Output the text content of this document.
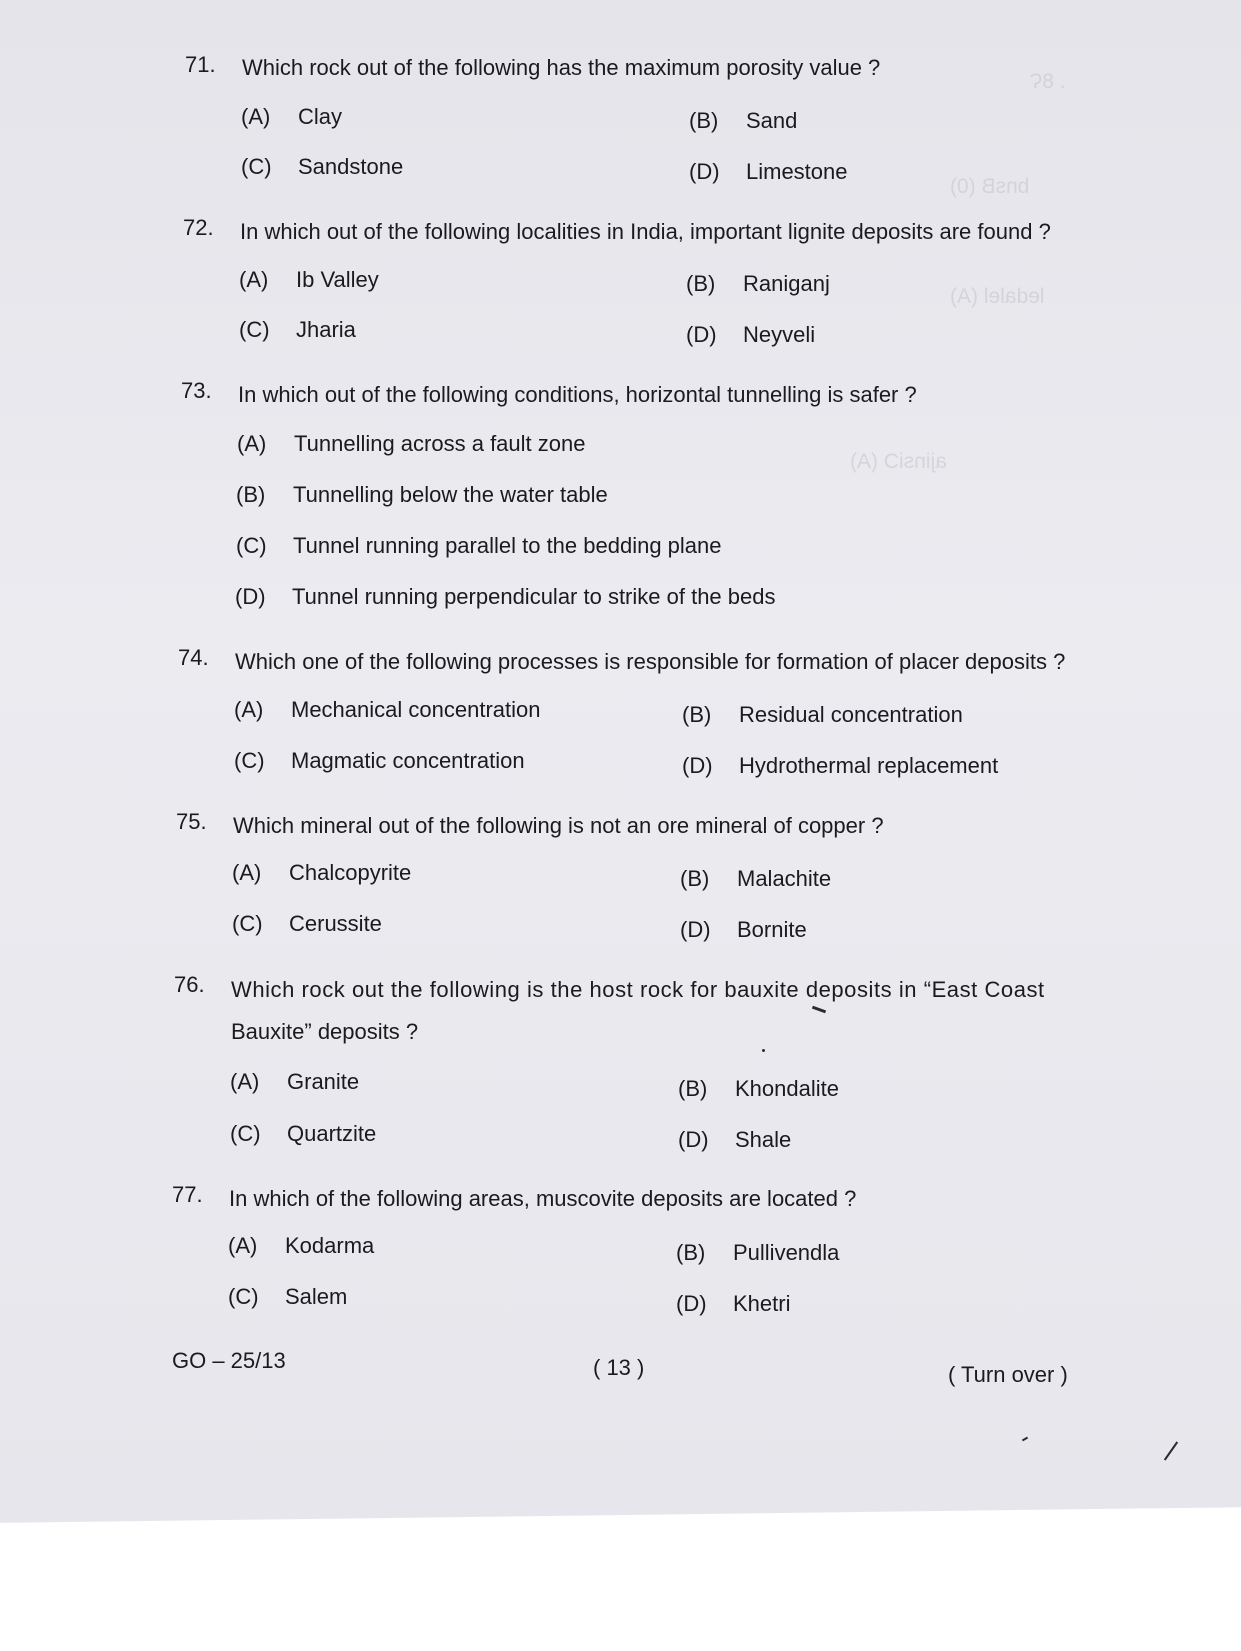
Ɂ8 .
bnsB (0)
ledalel (A)
ajinsiƆ (A)
71. Which rock out of the following has the maximum porosity value ?
(A) Clay	(B) Sand
(C) Sandstone	(D) Limestone
72. In which out of the following localities in India, important lignite deposits are found ?
(A) Ib Valley	(B) Raniganj
(C) Jharia	(D) Neyveli
73. In which out of the following conditions, horizontal tunnelling is safer ?
(A) Tunnelling across a fault zone
(B) Tunnelling below the water table
(C) Tunnel running parallel to the bedding plane
(D) Tunnel running perpendicular to strike of the beds
74. Which one of the following processes is responsible for formation of placer deposits ?
(A) Mechanical concentration	(B) Residual concentration
(C) Magmatic concentration	(D) Hydrothermal replacement
75. Which mineral out of the following is not an ore mineral of copper ?
(A) Chalcopyrite	(B) Malachite
(C) Cerussite	(D) Bornite
76. Which rock out the following is the host rock for bauxite deposits in “East Coast
Bauxite” deposits ?
(A) Granite	(B) Khondalite
(C) Quartzite	(D) Shale
77. In which of the following areas, muscovite deposits are located ?
(A) Kodarma	(B) Pullivendla
(C) Salem	(D) Khetri
GO – 25/13	( 13 )	( Turn over )
